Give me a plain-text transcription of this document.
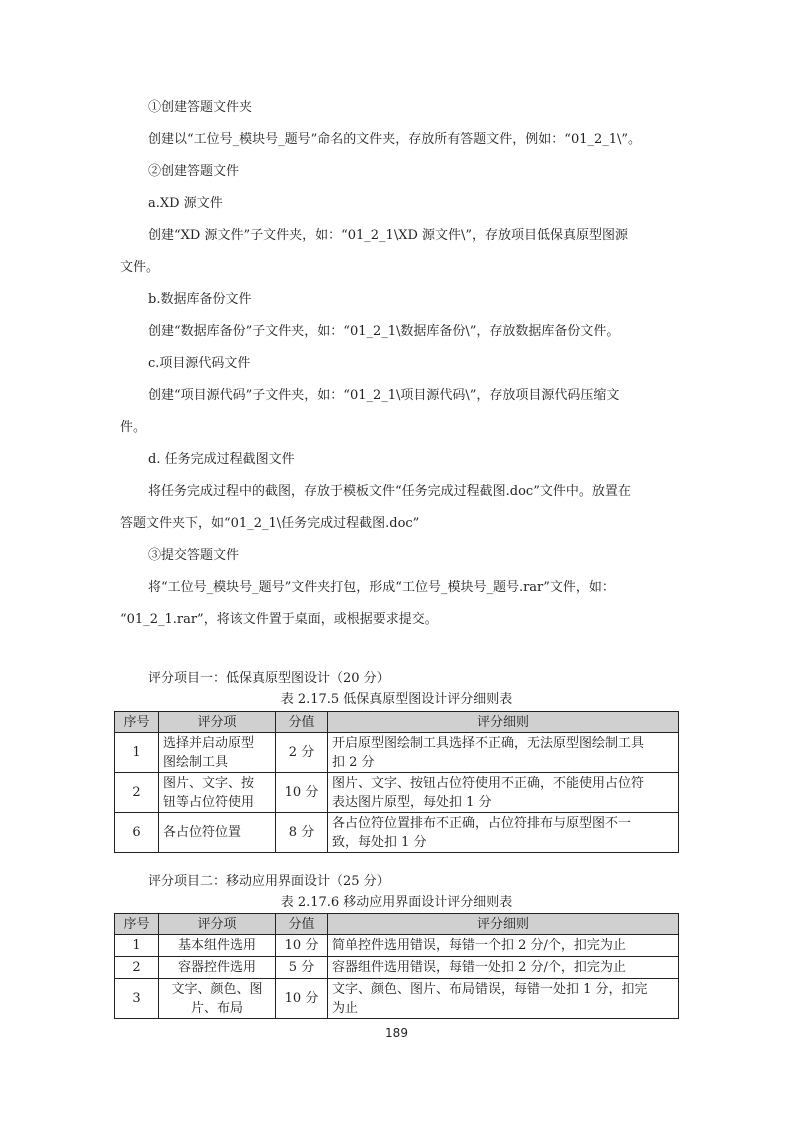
①创建答题文件夹
创建以“工位号_模块号_题号”命名的文件夹，存放所有答题文件，例如：“01_2_1\”。
②创建答题文件
a.XD 源文件
创建“XD 源文件”子文件夹，如：“01_2_1\XD 源文件\”，存放项目低保真原型图源
文件。
b.数据库备份文件
创建“数据库备份”子文件夹，如：“01_2_1\数据库备份\”，存放数据库备份文件。
c.项目源代码文件
创建“项目源代码”子文件夹，如：“01_2_1\项目源代码\”，存放项目源代码压缩文
件。
d. 任务完成过程截图文件
将任务完成过程中的截图，存放于模板文件“任务完成过程截图.doc”文件中。放置在
答题文件夹下，如“01_2_1\任务完成过程截图.doc”
③提交答题文件
将“工位号_模块号_题号”文件夹打包，形成“工位号_模块号_题号.rar”文件，如：
“01_2_1.rar”，将该文件置于桌面，或根据要求提交。
评分项目一：低保真原型图设计（20 分）
表 2.17.5 低保真原型图设计评分细则表
序号	评分项	分值	评分细则
1	选择并启动原型
图绘制工具	2 分	开启原型图绘制工具选择不正确，无法原型图绘制工具
扣 2 分
2	图片、文字、按
钮等占位符使用	10 分	图片、文字、按钮占位符使用不正确，不能使用占位符
表达图片原型，每处扣 1 分
6	各占位符位置	8 分	各占位符位置排布不正确，占位符排布与原型图不一
致，每处扣 1 分
评分项目二：移动应用界面设计（25 分）
表 2.17.6 移动应用界面设计评分细则表
序号	评分项	分值	评分细则
1	基本组件选用	10 分	简单控件选用错误，每错一个扣 2 分/个，扣完为止
2	容器控件选用	5 分	容器组件选用错误，每错一处扣 2 分/个，扣完为止
3	文字、颜色、图
片、布局	10 分	文字、颜色、图片、布局错误，每错一处扣 1 分，扣完
为止
189
